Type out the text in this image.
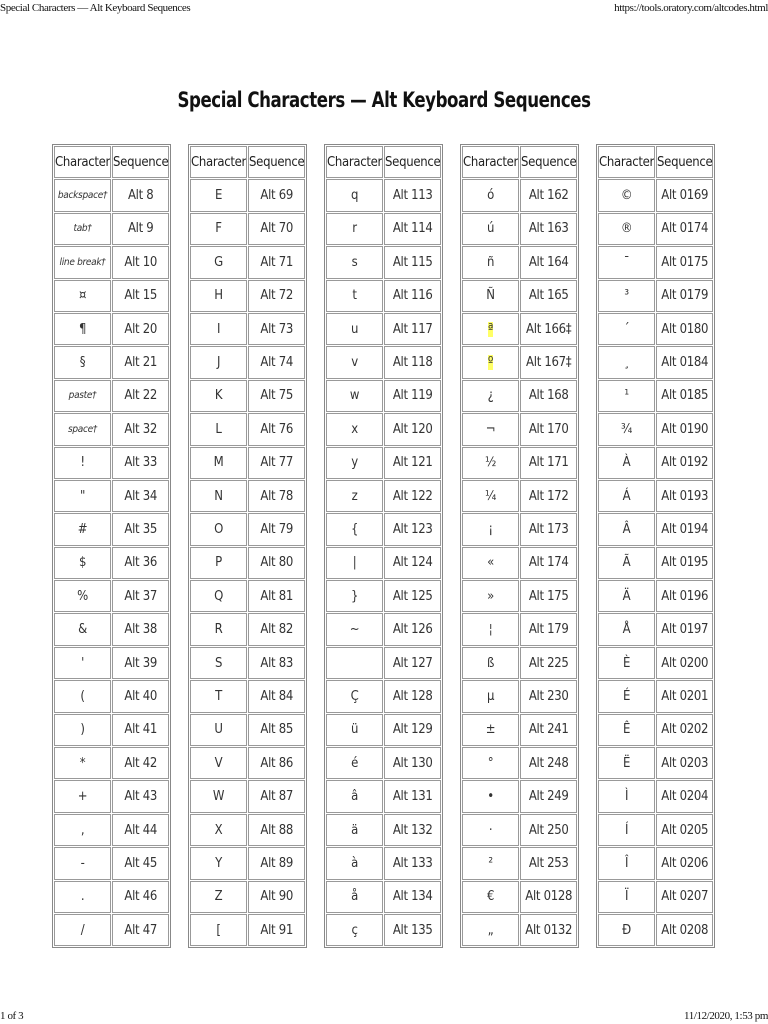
Special Characters — Alt Keyboard Sequences	https://tools.oratory.com/altcodes.html
Special Characters — Alt Keyboard Sequences
Character	Sequence
backspace†	Alt 8
tab†	Alt 9
line break†	Alt 10
¤	Alt 15
¶	Alt 20
§	Alt 21
paste†	Alt 22
space†	Alt 32
!	Alt 33
"	Alt 34
#	Alt 35
$	Alt 36
%	Alt 37
&	Alt 38
'	Alt 39
(	Alt 40
)	Alt 41
*	Alt 42
+	Alt 43
,	Alt 44
-	Alt 45
.	Alt 46
/	Alt 47
Character	Sequence
E	Alt 69
F	Alt 70
G	Alt 71
H	Alt 72
I	Alt 73
J	Alt 74
K	Alt 75
L	Alt 76
M	Alt 77
N	Alt 78
O	Alt 79
P	Alt 80
Q	Alt 81
R	Alt 82
S	Alt 83
T	Alt 84
U	Alt 85
V	Alt 86
W	Alt 87
X	Alt 88
Y	Alt 89
Z	Alt 90
[	Alt 91
Character	Sequence
q	Alt 113
r	Alt 114
s	Alt 115
t	Alt 116
u	Alt 117
v	Alt 118
w	Alt 119
x	Alt 120
y	Alt 121
z	Alt 122
{	Alt 123
|	Alt 124
}	Alt 125
~	Alt 126
	Alt 127
Ç	Alt 128
ü	Alt 129
é	Alt 130
â	Alt 131
ä	Alt 132
à	Alt 133
å	Alt 134
ç	Alt 135
Character	Sequence
ó	Alt 162
ú	Alt 163
ñ	Alt 164
Ñ	Alt 165
ª	Alt 166‡
º	Alt 167‡
¿	Alt 168
¬	Alt 170
½	Alt 171
¼	Alt 172
¡	Alt 173
«	Alt 174
»	Alt 175
¦	Alt 179
ß	Alt 225
µ	Alt 230
±	Alt 241
°	Alt 248
•	Alt 249
·	Alt 250
²	Alt 253
€	Alt 0128
„	Alt 0132
Character	Sequence
©	Alt 0169
®	Alt 0174
¯	Alt 0175
³	Alt 0179
´	Alt 0180
¸	Alt 0184
¹	Alt 0185
¾	Alt 0190
À	Alt 0192
Á	Alt 0193
Â	Alt 0194
Ã	Alt 0195
Ä	Alt 0196
Å	Alt 0197
È	Alt 0200
É	Alt 0201
Ê	Alt 0202
Ë	Alt 0203
Ì	Alt 0204
Í	Alt 0205
Î	Alt 0206
Ï	Alt 0207
Ð	Alt 0208
1 of 3	11/12/2020, 1:53 pm
